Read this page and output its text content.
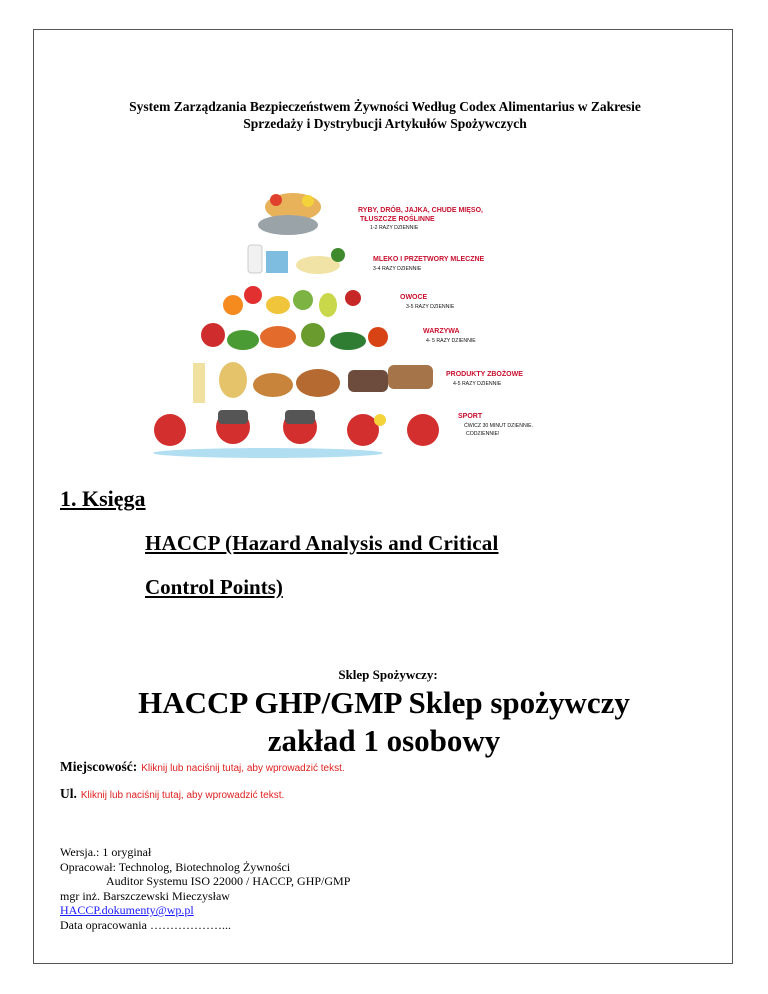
System Zarządzania Bezpieczeństwem Żywności Według Codex Alimentarius w Zakresie
Sprzedaży i Dystrybucji Artykułów Spożywczych
RYBY, DRÓB, JAJKA, CHUDE MIĘSO,
TŁUSZCZE ROŚLINNE
1-2 RAZY DZIENNIE
MLEKO I PRZETWORY MLECZNE
3-4 RAZY DZIENNIE
OWOCE
3-5 RAZY DZIENNIE
WARZYWA
4- 5 RAZY DZIENNIE
PRODUKTY ZBOŻOWE
4-5 RAZY DZIENNIE
SPORT
ĆWICZ 30 MINUT DZIENNIE.
CODZIENNIE!
1. Księga
HACCP (Hazard Analysis and Critical
Control Points)
Sklep Spożywczy:
HACCP GHP/GMP Sklep spożywczy
zakład 1 osobowy
Miejscowość: Kliknij lub naciśnij tutaj, aby wprowadzić tekst.
Ul. Kliknij lub naciśnij tutaj, aby wprowadzić tekst.
Wersja.: 1 oryginał
Opracował: Technolog, Biotechnolog Żywności
Auditor Systemu ISO 22000 / HACCP, GHP/GMP
mgr inż. Barszczewski Mieczysław
HACCP.dokumenty@wp.pl
Data opracowania ………………...
